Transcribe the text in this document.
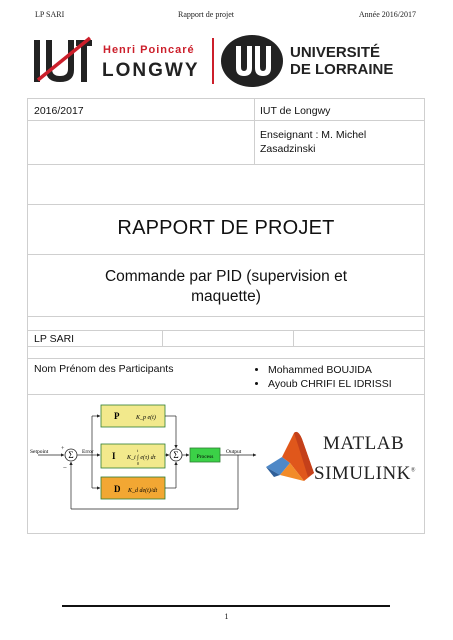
LP SARI	Rapport de projet	Année 2016/2017
Henri Poincaré
LONGWY
UNIVERSITÉ
DE LORRAINE
2016/2017	IUT de Longwy
Enseignant : M. Michel Zasadzinski
RAPPORT DE PROJET
Commande par PID (supervision et maquette)
LP SARI
Nom Prénom des Participants
•	Mohammed BOUJIDA
• Ayoub CHRIFI EL IDRISSI
Σ	Σ
Setpoint +
−
Error
P	K_p e(t)
I K_i ∫ e(τ) dτ
t
0
D K_d de(t)/dt
Process
Output	MATLAB
SIMULINK®
1
